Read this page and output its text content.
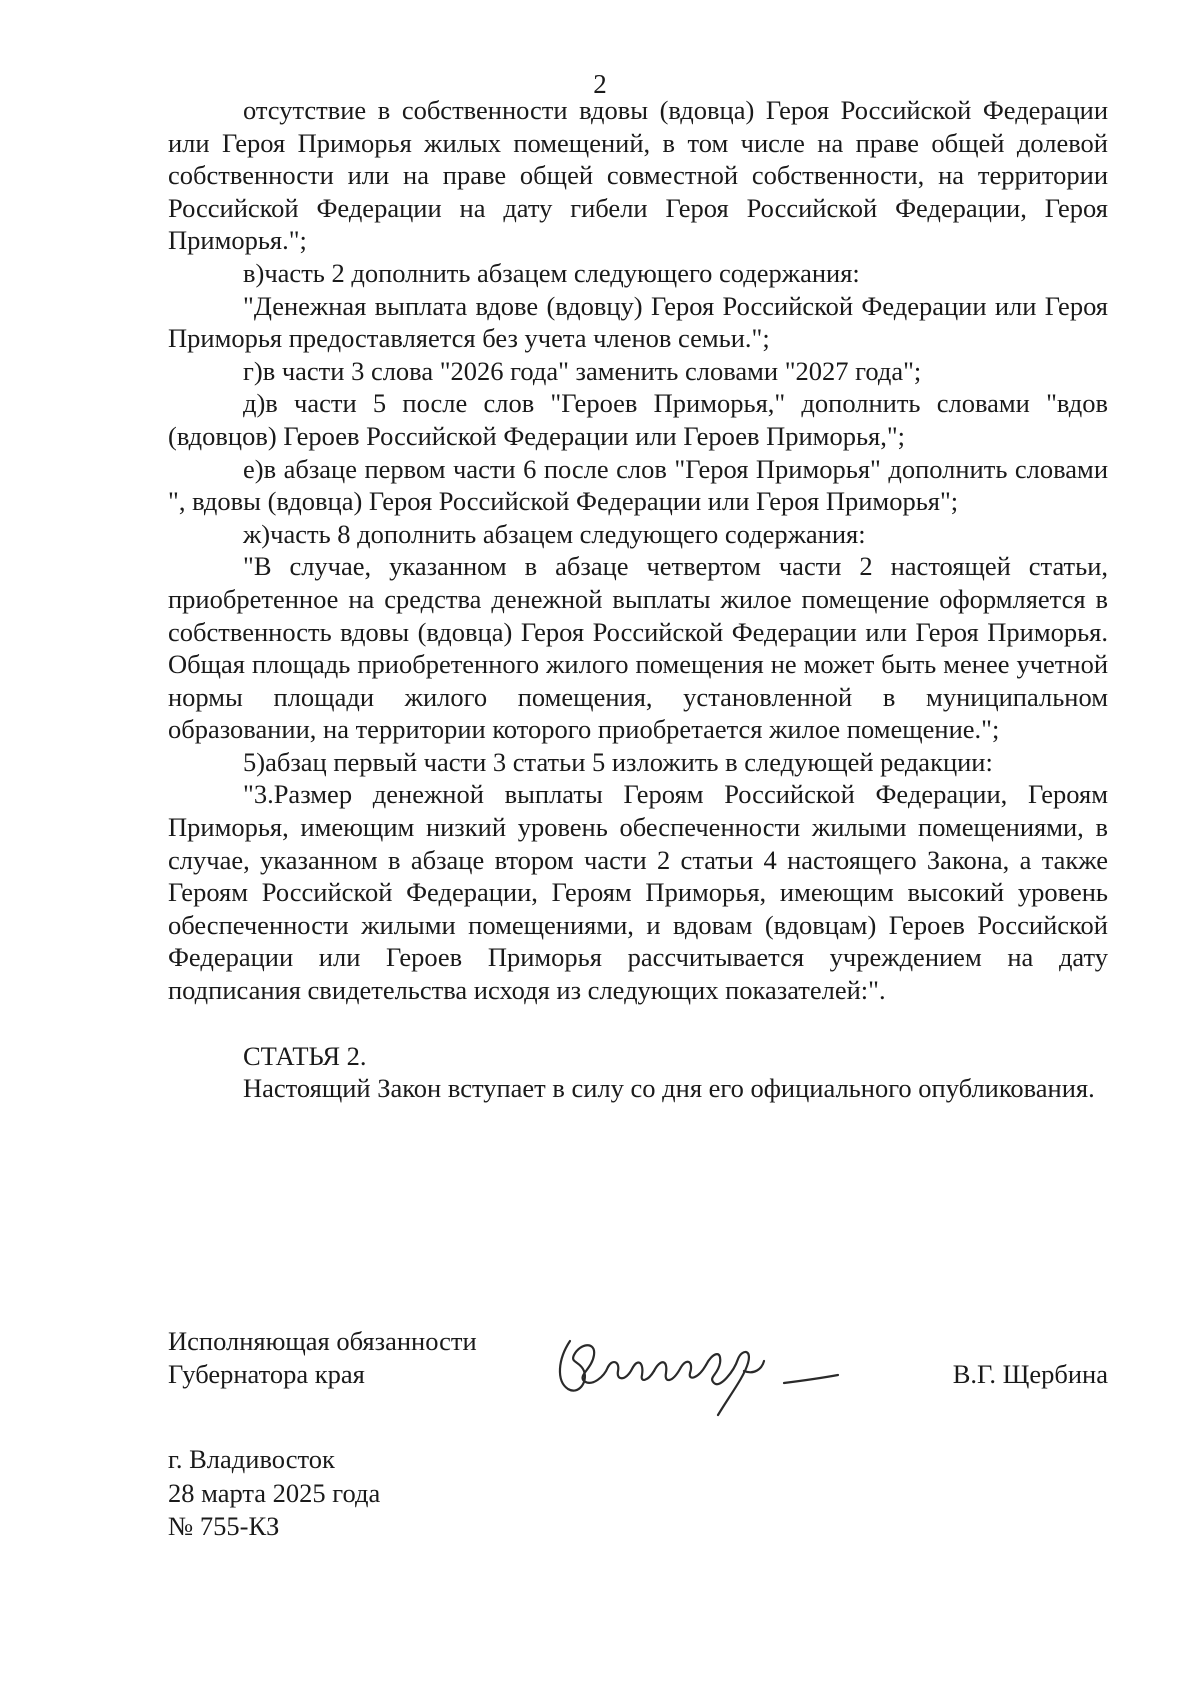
2

отсутствие в собственности вдовы (вдовца) Героя Российской Федерации или Героя Приморья жилых помещений, в том числе на праве общей долевой собственности или на праве общей совместной собственности, на территории Российской Федерации на дату гибели Героя Российской Федерации, Героя Приморья.";

в)часть 2 дополнить абзацем следующего содержания:

"Денежная выплата вдове (вдовцу) Героя Российской Федерации или Героя Приморья предоставляется без учета членов семьи.";

г)в части 3 слова "2026 года" заменить словами "2027 года";

д)в части 5 после слов "Героев Приморья," дополнить словами "вдов (вдовцов) Героев Российской Федерации или Героев Приморья,";

е)в абзаце первом части 6 после слов "Героя Приморья" дополнить словами ", вдовы (вдовца) Героя Российской Федерации или Героя Приморья";

ж)часть 8 дополнить абзацем следующего содержания:

"В случае, указанном в абзаце четвертом части 2 настоящей статьи, приобретенное на средства денежной выплаты жилое помещение оформляется в собственность вдовы (вдовца) Героя Российской Федерации или Героя Приморья. Общая площадь приобретенного жилого помещения не может быть менее учетной нормы площади жилого помещения, установленной в муниципальном образовании, на территории которого приобретается жилое помещение.";

5)абзац первый части 3 статьи 5 изложить в следующей редакции:

"3.Размер денежной выплаты Героям Российской Федерации, Героям Приморья, имеющим низкий уровень обеспеченности жилыми помещениями, в случае, указанном в абзаце втором части 2 статьи 4 настоящего Закона, а также Героям Российской Федерации, Героям Приморья, имеющим высокий уровень обеспеченности жилыми помещениями, и вдовам (вдовцам) Героев Российской Федерации или Героев Приморья рассчитывается учреждением на дату подписания свидетельства исходя из следующих показателей:".

СТАТЬЯ 2.

Настоящий Закон вступает в силу со дня его официального опубликования.

Исполняющая обязанности
Губернатора края	В.Г. Щербина
г. Владивосток
28 марта 2025 года
№ 755-КЗ
